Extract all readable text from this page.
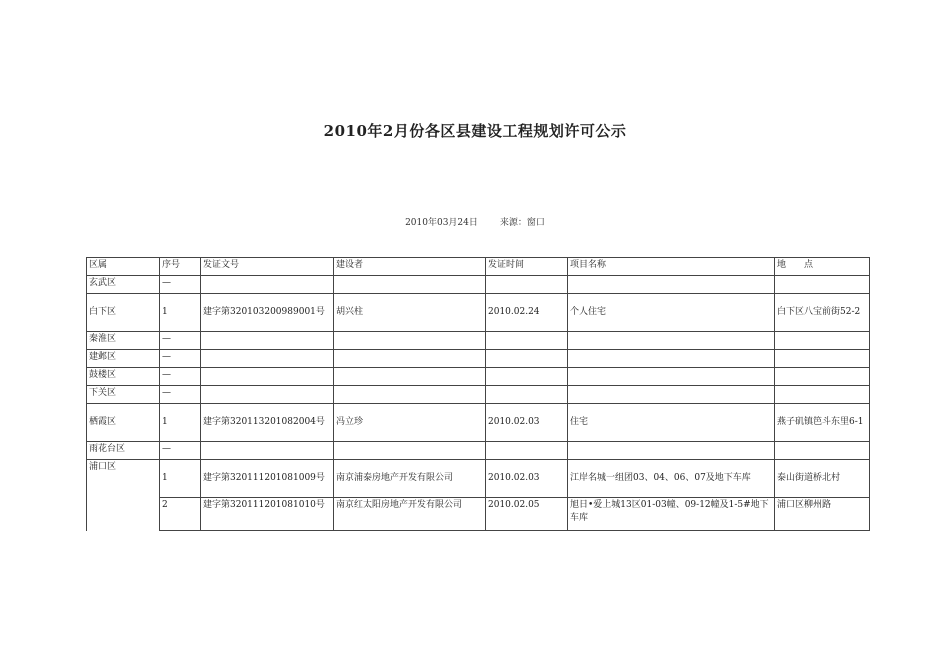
2010年2月份各区县建设工程规划许可公示
2010年03月24日 来源：窗口
区属	序号	发证文号	建设者	发证时间	项目名称	地　　点
玄武区	—					
白下区	1	建字第320103200989001号	胡兴柱	2010.02.24	个人住宅	白下区八宝前街52-2
秦淮区	—					
建邺区	—					
鼓楼区	—					
下关区	—					
栖霞区	1	建字第320113201082004号	冯立珍	2010.02.03	住宅	燕子矶镇笆斗东里6-1
雨花台区	—					
浦口区	1	建字第320111201081009号	南京浦泰房地产开发有限公司	2010.02.03	江岸名城一组团03、04、06、07及地下车库	泰山街道桥北村
	2	建字第320111201081010号	南京红太阳房地产开发有限公司	2010.02.05	旭日•爱上城13区01-03幢、09-12幢及1-5#地下车库	浦口区柳州路
